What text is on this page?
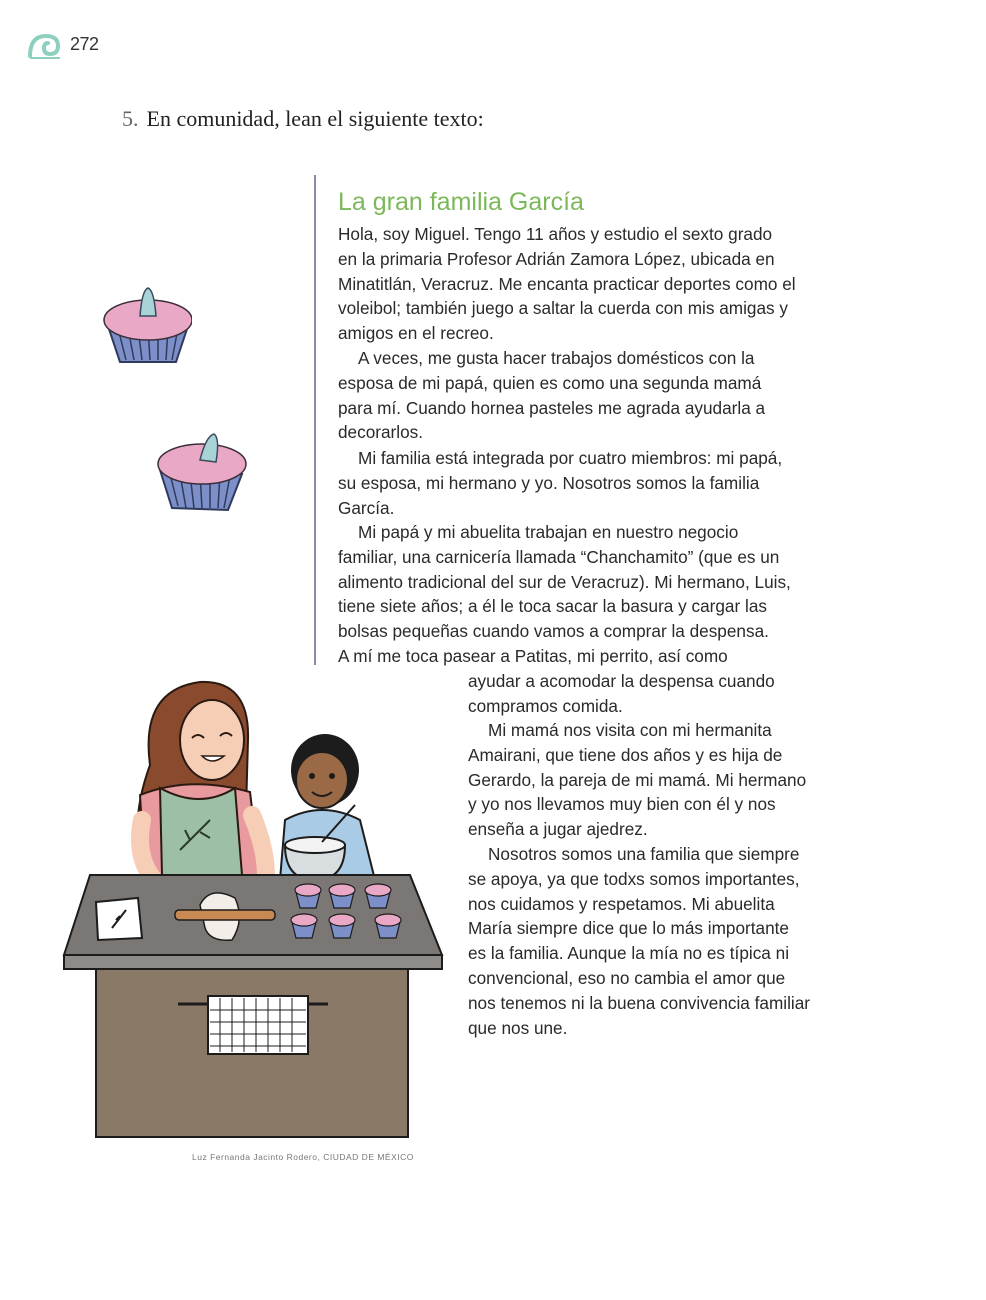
272
5. En comunidad, lean el siguiente texto:
La gran familia García

Hola, soy Miguel. Tengo 11 años y estudio el sexto grado
en la primaria Profesor Adrián Zamora López, ubicada en
Minatitlán, Veracruz. Me encanta practicar deportes como el
voleibol; también juego a saltar la cuerda con mis amigas y
amigos en el recreo.

A veces, me gusta hacer trabajos domésticos con la
esposa de mi papá, quien es como una segunda mamá
para mí. Cuando hornea pasteles me agrada ayudarla a
decorarlos.

Mi familia está integrada por cuatro miembros: mi papá,
su esposa, mi hermano y yo. Nosotros somos la familia
García.

Mi papá y mi abuelita trabajan en nuestro negocio
familiar, una carnicería llamada “Chanchamito” (que es un
alimento tradicional del sur de Veracruz). Mi hermano, Luis,
tiene siete años; a él le toca sacar la basura y cargar las
bolsas pequeñas cuando vamos a comprar la despensa.

A mí me toca pasear a Patitas, mi perrito, así como

ayudar a acomodar la despensa cuando
compramos comida.

Mi mamá nos visita con mi hermanita
Amairani, que tiene dos años y es hija de
Gerardo, la pareja de mi mamá. Mi hermano
y yo nos llevamos muy bien con él y nos
enseña a jugar ajedrez.

Nosotros somos una familia que siempre
se apoya, ya que todxs somos importantes,
nos cuidamos y respetamos. Mi abuelita
María siempre dice que lo más importante
es la familia. Aunque la mía no es típica ni
convencional, eso no cambia el amor que
nos tenemos ni la buena convivencia familiar
que nos une.

Luz Fernanda Jacinto Rodero, CIUDAD DE MÉXICO
